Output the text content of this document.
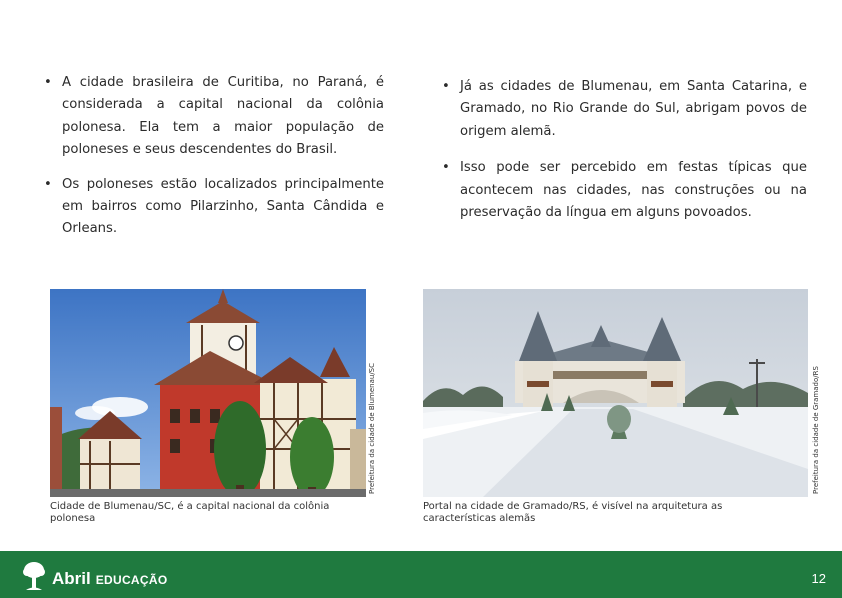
• A cidade brasileira de Curitiba, no Paraná, é considerada a capital nacional da colônia polonesa. Ela tem a maior população de poloneses e seus descendentes do Brasil.

• Os poloneses estão localizados principalmente em bairros como Pilarzinho, Santa Cândida e Orleans.

• Já as cidades de Blumenau, em Santa Catarina, e Gramado, no Rio Grande do Sul, abrigam povos de origem alemã.

• Isso pode ser percebido em festas típicas que acontecem nas cidades, nas construções ou na preservação da língua em alguns povoados.

Prefeitura da cidade de Blumenau/SC
Cidade de Blumenau/SC, é a capital nacional da colônia polonesa
Prefeitura da cidade de Gramado/RS
Portal na cidade de Gramado/RS, é visível na arquitetura as características alemãs
Abril EDUCAÇÃO	12
